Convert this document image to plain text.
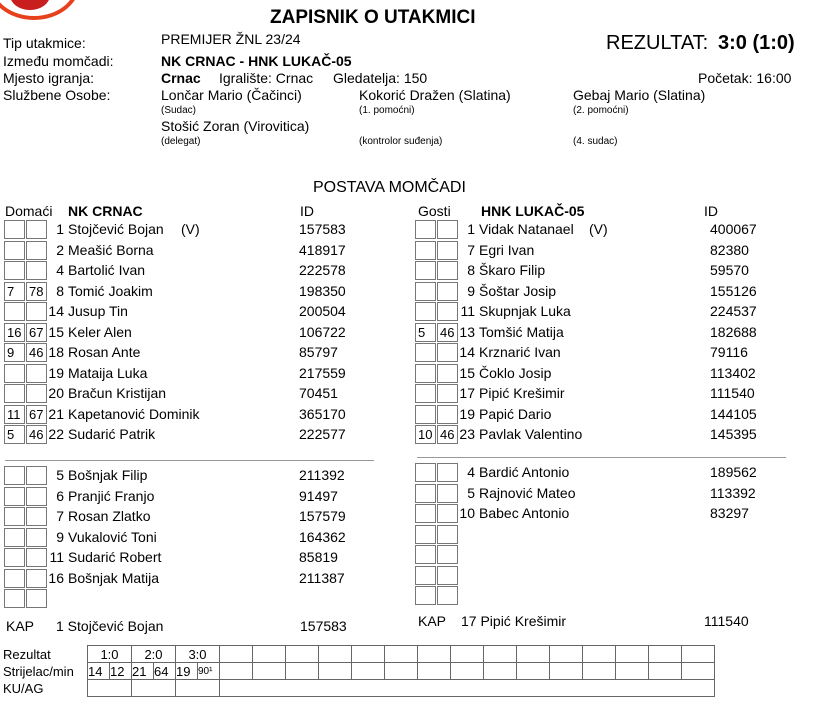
ZAPISNIK O UTAKMICI
Tip utakmice:	PREMIJER ŽNL 23/24	REZULTAT: 3:0 (1:0)
Između momčadi:	NK CRNAC - HNK LUKAČ-05
Mjesto igranja:	Crnac Igralište: Crnac Gledatelja: 150	Početak: 16:00
Službene Osobe:	Lončar Mario (Čačinci)
(Sudac)
Kokorić Dražen (Slatina)
(1. pomoćni)
Gebaj Mario (Slatina)
(2. pomoćni)
Stošić Zoran (Virovitica)
(delegat)	(kontrolor suđenja)	(4. sudac)
POSTAVA MOMČADI
Domaći NK CRNAC	ID	Gosti HNK LUKAČ-05	ID
1 Stojčević Bojan (V)	157583
2 Meašić Borna	418917
4 Bartolić Ivan	222578
7	78 8 Tomić Joakim	198350
14 Jusup Tin	200504
16 67 15 Keler Alen	106722
9	46 18 Rosan Ante	85797
19 Mataija Luka	217559
20 Bračun Kristijan	70451
11 67 21 Kapetanović Dominik	365170
5	46 22 Sudarić Patrik	222577
5 Bošnjak Filip	211392
6 Pranjić Franjo	91497
7 Rosan Zlatko	157579
9 Vukalović Toni	164362
11 Sudarić Robert	85819
16 Bošnjak Matija	211387
1 Vidak Natanael (V)	400067
7 Egri Ivan	82380
8 Škaro Filip	59570
9 Šoštar Josip	155126
11 Skupnjak Luka	224537
5	46 13 Tomšić Matija	182688
14 Krznarić Ivan	79116
15 Čoklo Josip	113402
17 Pipić Krešimir	111540
19 Papić Dario	144105
10 46 23 Pavlak Valentino	145395
4 Bardić Antonio	189562
5 Rajnović Mateo	113392
10 Babec Antonio	83297
KAP 1 Stojčević Bojan	157583	KAP 17 Pipić Krešimir	111540
Rezultat	1:0		2:0		3:0																
Strijelac/min	14	12	21	64	19	90¹															
KU/AG																					
